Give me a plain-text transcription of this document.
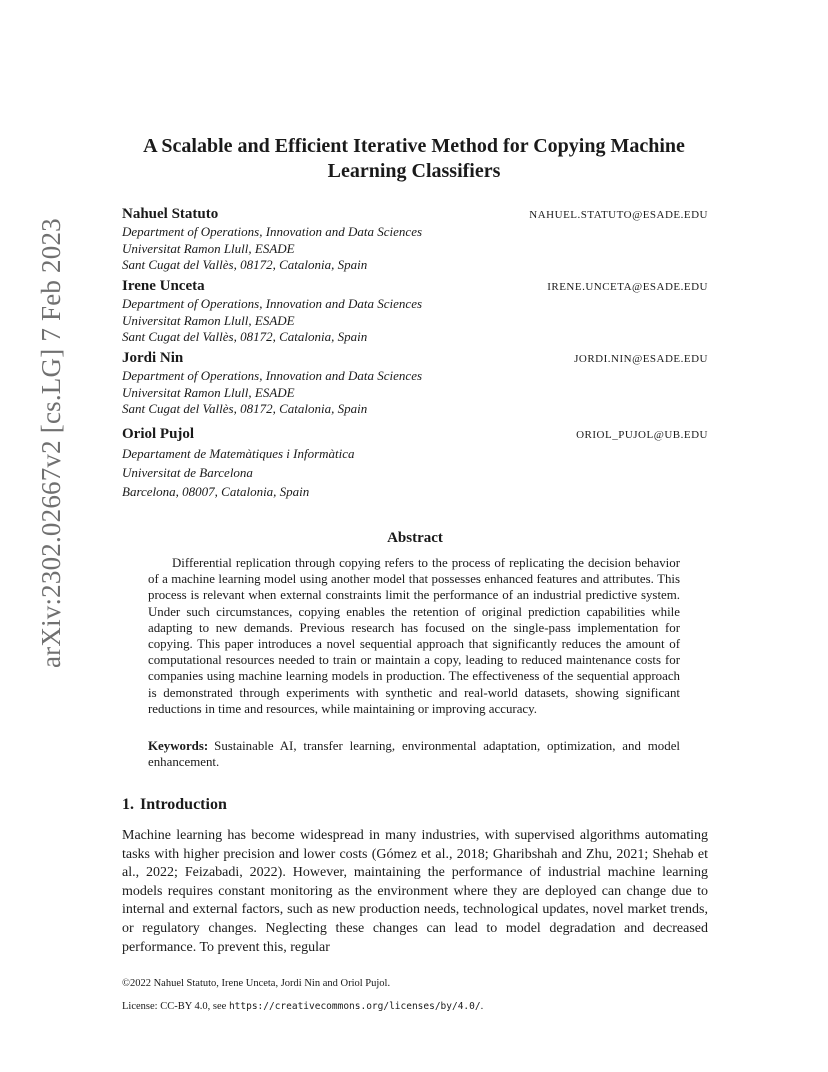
arXiv:2302.02667v2 [cs.LG] 7 Feb 2023
A Scalable and Efficient Iterative Method for Copying Machine Learning Classifiers
Nahuel Statuto	NAHUEL.STATUTO@ESADE.EDU
Department of Operations, Innovation and Data Sciences
Universitat Ramon Llull, ESADE
Sant Cugat del Vallès, 08172, Catalonia, Spain
Irene Unceta	IRENE.UNCETA@ESADE.EDU
Department of Operations, Innovation and Data Sciences
Universitat Ramon Llull, ESADE
Sant Cugat del Vallès, 08172, Catalonia, Spain
Jordi Nin	JORDI.NIN@ESADE.EDU
Department of Operations, Innovation and Data Sciences
Universitat Ramon Llull, ESADE
Sant Cugat del Vallès, 08172, Catalonia, Spain
Oriol Pujol	ORIOL_PUJOL@UB.EDU
Departament de Matemàtiques i Informàtica
Universitat de Barcelona
Barcelona, 08007, Catalonia, Spain
Abstract

Differential replication through copying refers to the process of replicating the decision behavior of a machine learning model using another model that possesses enhanced features and attributes. This process is relevant when external constraints limit the performance of an industrial predictive system. Under such circumstances, copying enables the retention of original prediction capabilities while adapting to new demands. Previous research has focused on the single-pass implementation for copying. This paper introduces a novel sequential approach that significantly reduces the amount of computational resources needed to train or maintain a copy, leading to reduced maintenance costs for companies using machine learning models in production. The effectiveness of the sequential approach is demonstrated through experiments with synthetic and real-world datasets, showing significant reductions in time and resources, while maintaining or improving accuracy.

Keywords: Sustainable AI, transfer learning, environmental adaptation, optimization, and model enhancement.

1. Introduction

Machine learning has become widespread in many industries, with supervised algorithms automating tasks with higher precision and lower costs (Gómez et al., 2018; Gharibshah and Zhu, 2021; Shehab et al., 2022; Feizabadi, 2022). However, maintaining the performance of industrial machine learning models requires constant monitoring as the environment where they are deployed can change due to internal and external factors, such as new production needs, technological updates, novel market trends, or regulatory changes. Neglecting these changes can lead to model degradation and decreased performance. To prevent this, regular

©2022 Nahuel Statuto, Irene Unceta, Jordi Nin and Oriol Pujol.
License: CC-BY 4.0, see https://creativecommons.org/licenses/by/4.0/.
